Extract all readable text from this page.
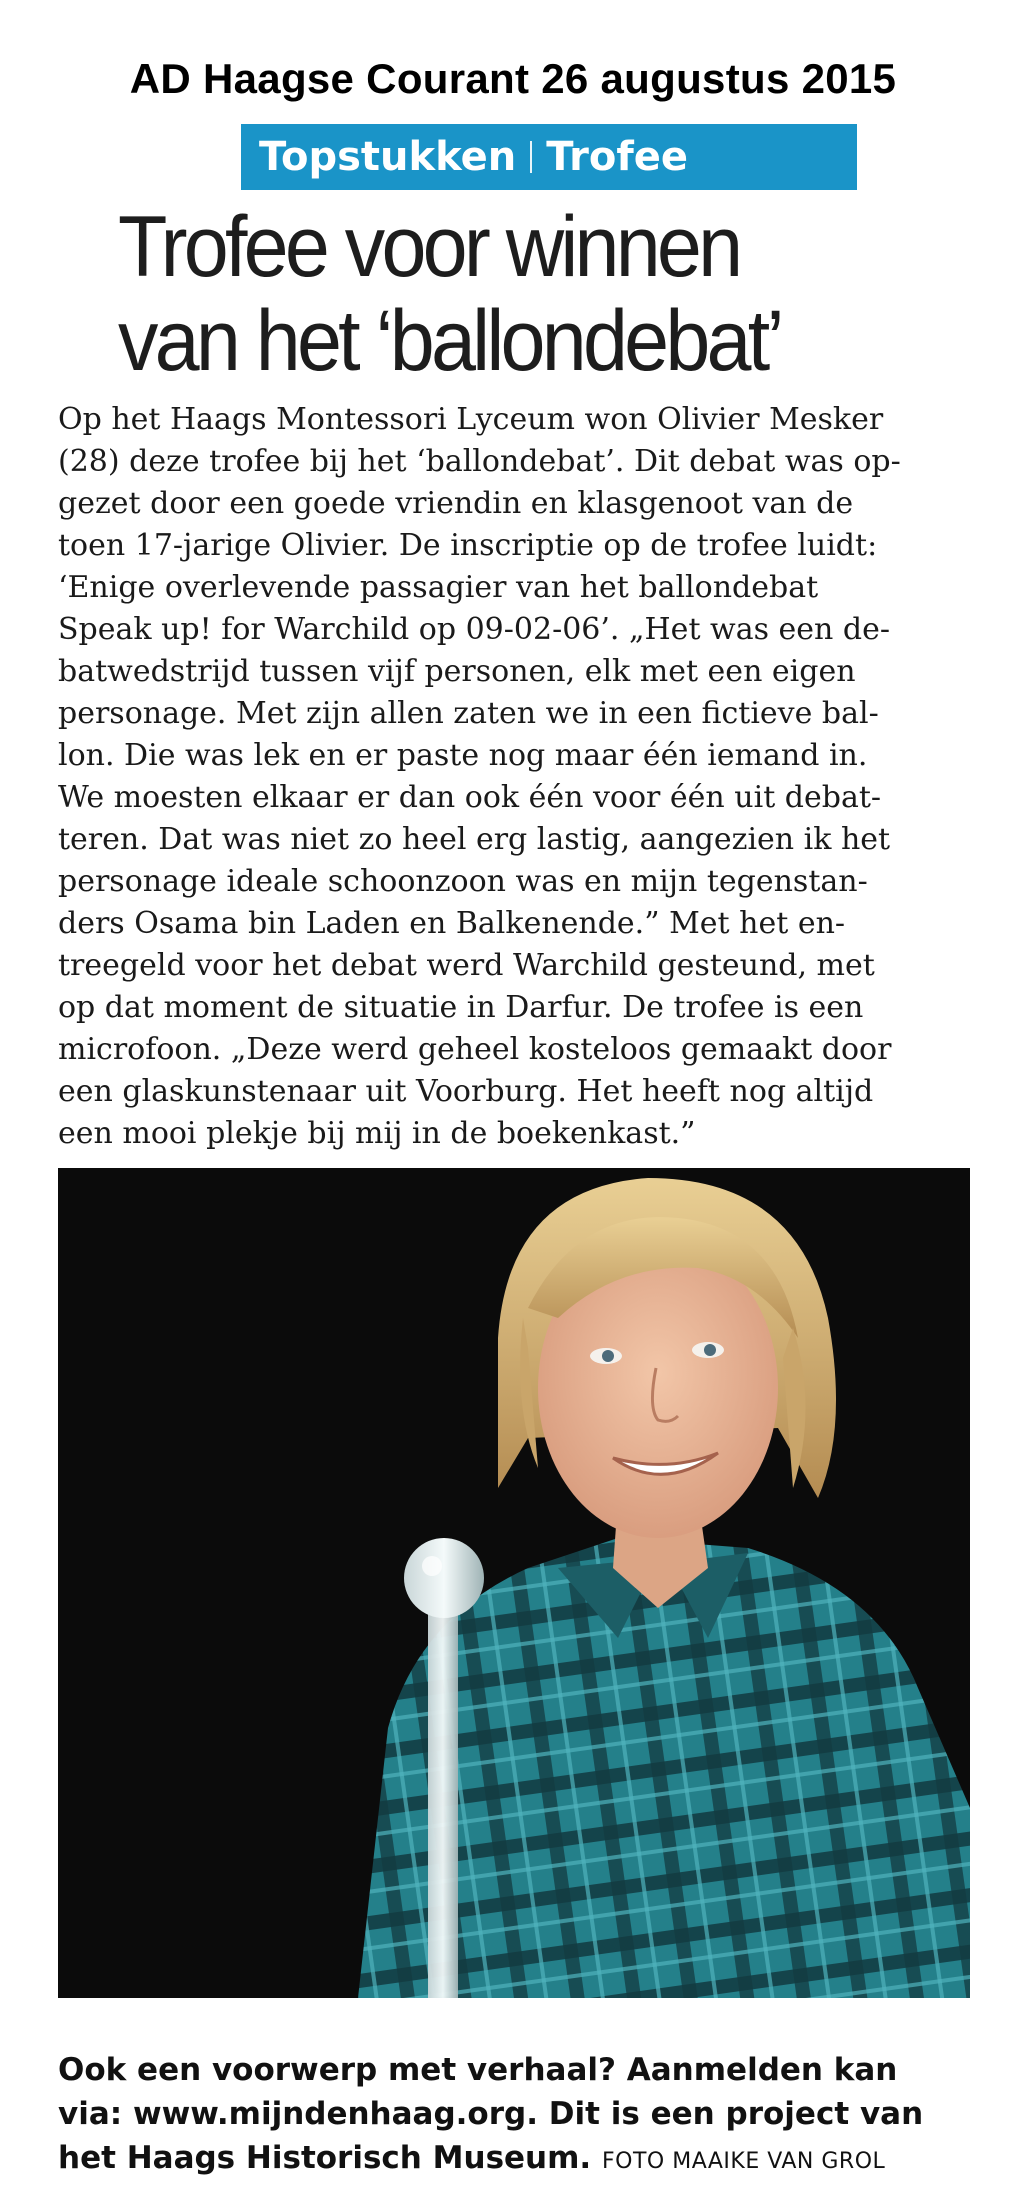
AD Haagse Courant 26 augustus 2015
Topstukken Trofee
Trofee voor winnen
van het ‘ballondebat’
Op het Haags Montessori Lyceum won Olivier Mesker
(28) deze trofee bij het ‘ballondebat’. Dit debat was op-
gezet door een goede vriendin en klasgenoot van de
toen 17-jarige Olivier. De inscriptie op de trofee luidt:
‘Enige overlevende passagier van het ballondebat
Speak up! for Warchild op 09-02-06’. „Het was een de-
batwedstrijd tussen vijf personen, elk met een eigen
personage. Met zijn allen zaten we in een fictieve bal-
lon. Die was lek en er paste nog maar één iemand in.
We moesten elkaar er dan ook één voor één uit debat-
teren. Dat was niet zo heel erg lastig, aangezien ik het
personage ideale schoonzoon was en mijn tegenstan-
ders Osama bin Laden en Balkenende.” Met het en-
treegeld voor het debat werd Warchild gesteund, met
op dat moment de situatie in Darfur. De trofee is een
microfoon. „Deze werd geheel kosteloos gemaakt door
een glaskunstenaar uit Voorburg. Het heeft nog altijd
een mooi plekje bij mij in de boekenkast.”
Ook een voorwerp met verhaal? Aanmelden kan
via: www.mijndenhaag.org. Dit is een project van
het Haags Historisch Museum. FOTO MAAIKE VAN GROL
